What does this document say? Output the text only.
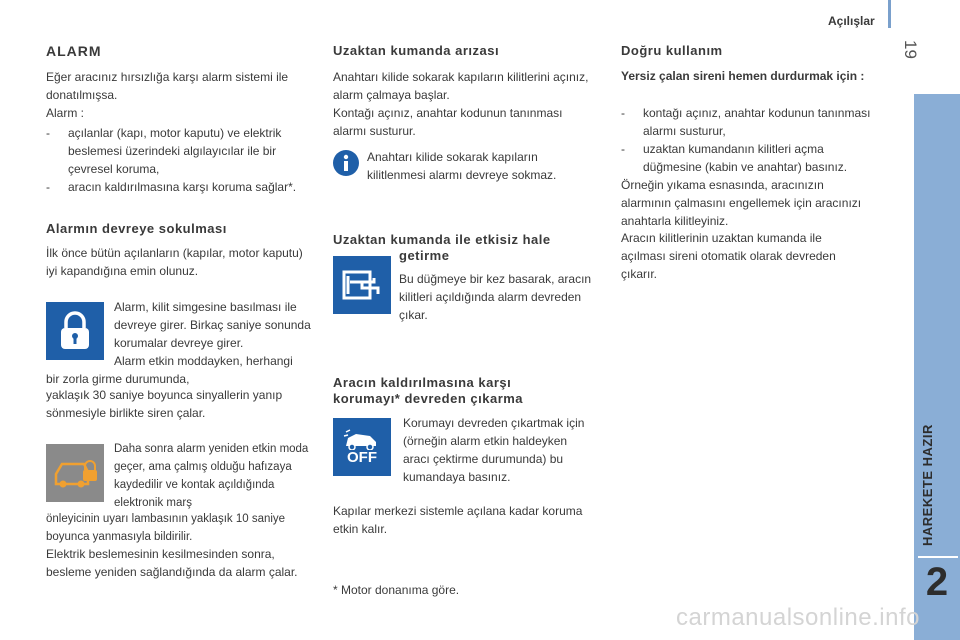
Açılışlar
19
HAREKETE HAZIR
2
ALARM

Eğer aracınız hırsızlığa karşı alarm sistemi ile donatılmışsa.

Alarm :

- açılanlar (kapı, motor kaputu) ve elektrik beslemesi üzerindeki algılayıcılar ile bir çevresel koruma,
- aracın kaldırılmasına karşı koruma sağlar*.
Alarmın devreye sokulması

İlk önce bütün açılanların (kapılar, motor kaputu) iyi kapandığına emin olunuz.

Alarm, kilit simgesine basılması ile devreye girer. Birkaç saniye sonunda korumalar devreye girer.

Alarm etkin moddayken, herhangi

bir zorla girme durumunda,

yaklaşık 30 saniye boyunca sinyallerin yanıp sönmesiyle birlikte siren çalar.

Daha sonra alarm yeniden etkin moda geçer, ama çalmış olduğu hafızaya kaydedilir ve kontak açıldığında elektronik marş

önleyicinin uyarı lambasının yaklaşık 10 saniye boyunca yanmasıyla bildirilir.

Elektrik beslemesinin kesilmesinden sonra, besleme yeniden sağlandığında da alarm çalar.

Uzaktan kumanda arızası

Anahtarı kilide sokarak kapıların kilitlerini açınız, alarm çalmaya başlar.

Kontağı açınız, anahtar kodunun tanınması alarmı susturur.

Anahtarı kilide sokarak kapıların kilitlenmesi alarmı devreye sokmaz.

Uzaktan kumanda ile etkisiz hale
getirme

Bu düğmeye bir kez basarak, aracın kilitleri açıldığında alarm devreden çıkar.

Aracın kaldırılmasına karşı
korumayı* devreden çıkarma
OFF

Korumayı devreden çıkartmak için (örneğin alarm etkin haldeyken aracı çektirme durumunda) bu kumandaya basınız.

Kapılar merkezi sistemle açılana kadar koruma etkin kalır.

* Motor donanıma göre.

Doğru kullanım
Yersiz çalan sireni hemen durdurmak için :
- kontağı açınız, anahtar kodunun tanınması alarmı susturur,
- uzaktan kumandanın kilitleri açma düğmesine (kabin ve anahtar) basınız.

Örneğin yıkama esnasında, aracınızın alarmının çalmasını engellemek için aracınızı anahtarla kilitleyiniz.

Aracın kilitlerinin uzaktan kumanda ile açılması sireni otomatik olarak devreden çıkarır.

carmanualsonline.info
